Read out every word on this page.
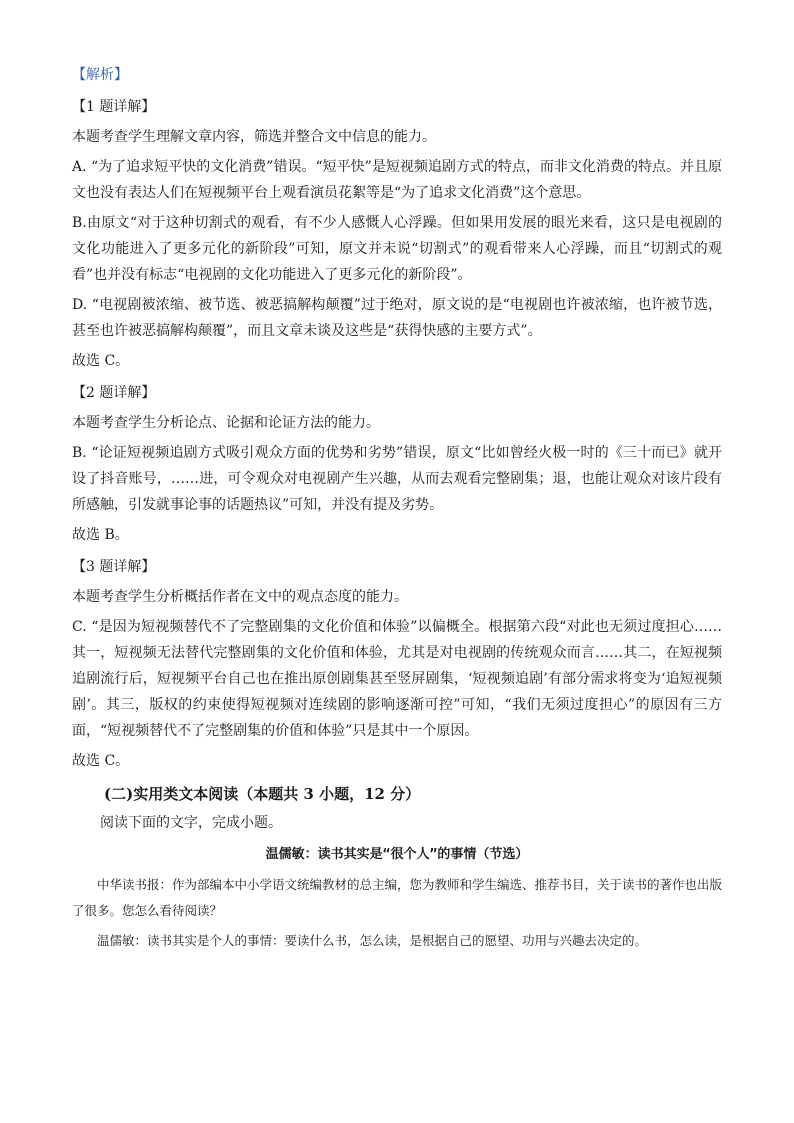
【解析】
【1 题详解】
本题考查学生理解文章内容，筛选并整合文中信息的能力。
A. “为了追求短平快的文化消费”错误。“短平快”是短视频追剧方式的特点，而非文化消费的特点。并且原文也没有表达人们在短视频平台上观看演员花絮等是“为了追求文化消费”这个意思。
B.由原文“对于这种切割式的观看，有不少人感慨人心浮躁。但如果用发展的眼光来看，这只是电视剧的文化功能进入了更多元化的新阶段”可知，原文并未说“切割式”的观看带来人心浮躁，而且“切割式的观看”也并没有标志“电视剧的文化功能进入了更多元化的新阶段”。
D. “电视剧被浓缩、被节选、被恶搞解构颠覆”过于绝对，原文说的是“电视剧也许被浓缩，也许被节选，甚至也许被恶搞解构颠覆”，而且文章未谈及这些是“获得快感的主要方式”。
故选 C。
【2 题详解】
本题考查学生分析论点、论据和论证方法的能力。
B. “论证短视频追剧方式吸引观众方面的优势和劣势”错误，原文“比如曾经火极一时的《三十而已》就开设了抖音账号，……进，可令观众对电视剧产生兴趣，从而去观看完整剧集；退，也能让观众对该片段有所感触，引发就事论事的话题热议”可知，并没有提及劣势。
故选 B。
【3 题详解】
本题考查学生分析概括作者在文中的观点态度的能力。
C. “是因为短视频替代不了完整剧集的文化价值和体验”以偏概全。根据第六段“对此也无须过度担心……其一，短视频无法替代完整剧集的文化价值和体验，尤其是对电视剧的传统观众而言……其二，在短视频追剧流行后，短视频平台自己也在推出原创剧集甚至竖屏剧集，‘短视频追剧’有部分需求将变为‘追短视频剧’。其三，版权的约束使得短视频对连续剧的影响逐渐可控”可知，“我们无须过度担心”的原因有三方面，“短视频替代不了完整剧集的价值和体验”只是其中一个原因。
故选 C。
(二)实用类文本阅读（本题共 3 小题，12 分）
阅读下面的文字，完成小题。
温儒敏：读书其实是“很个人”的事情（节选）
中华读书报：作为部编本中小学语文统编教材的总主编，您为教师和学生编选、推荐书目，关于读书的著作也出版了很多。您怎么看待阅读？
温儒敏：读书其实是个人的事情：要读什么书，怎么读，是根据自己的愿望、功用与兴趣去决定的。
